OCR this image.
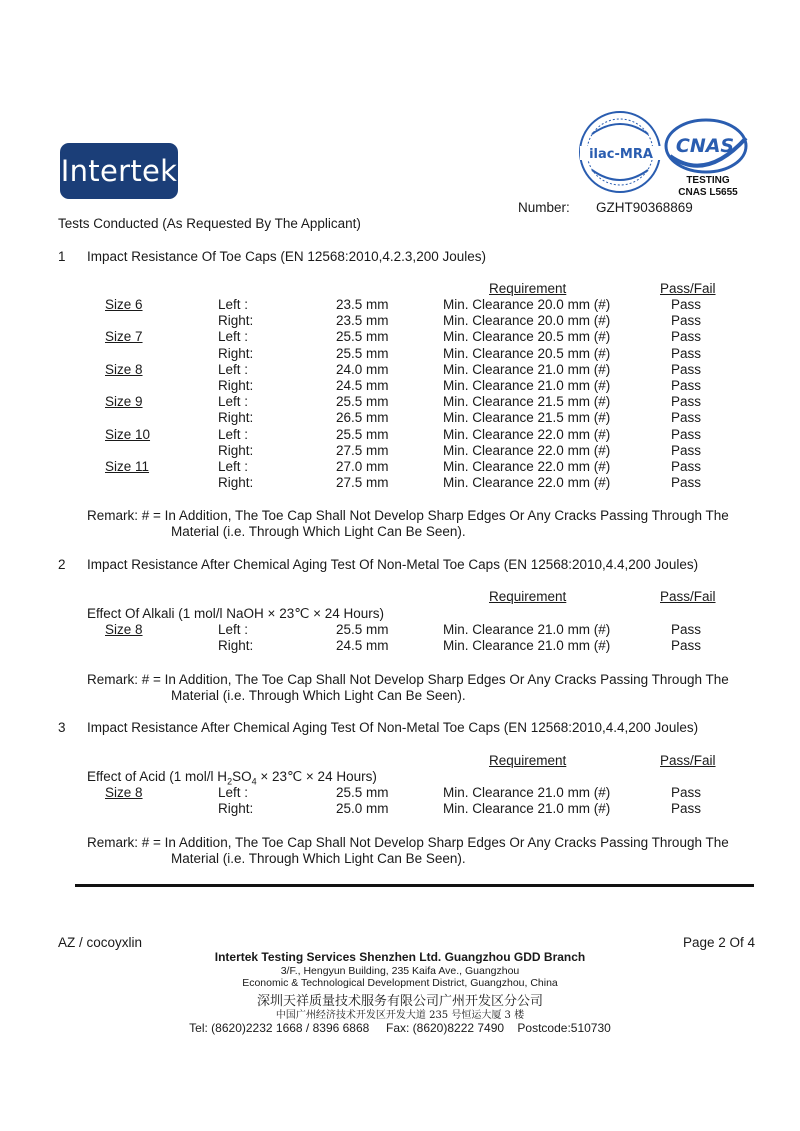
Intertek	ilac-MRA CNAS
TESTING
CNAS L5655
Number: GZHT90368869
Tests Conducted (As Requested By The Applicant)
1 Impact Resistance Of Toe Caps (EN 12568:2010,4.2.3,200 Joules)
Requirement	Pass/Fail
Size 6	Left :	23.5 mm	Min. Clearance 20.0 mm (#)	Pass
Right:	23.5 mm	Min. Clearance 20.0 mm (#)	Pass
Size 7	Left :	25.5 mm	Min. Clearance 20.5 mm (#)	Pass
Right:	25.5 mm	Min. Clearance 20.5 mm (#)	Pass
Size 8	Left :	24.0 mm	Min. Clearance 21.0 mm (#)	Pass
Right:	24.5 mm	Min. Clearance 21.0 mm (#)	Pass
Size 9	Left :	25.5 mm	Min. Clearance 21.5 mm (#)	Pass
Right:	26.5 mm	Min. Clearance 21.5 mm (#)	Pass
Size 10	Left :	25.5 mm	Min. Clearance 22.0 mm (#)	Pass
Right:	27.5 mm	Min. Clearance 22.0 mm (#)	Pass
Size 11	Left :	27.0 mm	Min. Clearance 22.0 mm (#)	Pass
Right:	27.5 mm	Min. Clearance 22.0 mm (#)	Pass
Remark: # = In Addition, The Toe Cap Shall Not Develop Sharp Edges Or Any Cracks Passing Through The
Material (i.e. Through Which Light Can Be Seen).
2 Impact Resistance After Chemical Aging Test Of Non-Metal Toe Caps (EN 12568:2010,4.4,200 Joules)
Requirement	Pass/Fail
Effect Of Alkali (1 mol/l NaOH × 23℃ × 24 Hours)
Size 8	Left :	25.5 mm	Min. Clearance 21.0 mm (#)	Pass
Right:	24.5 mm	Min. Clearance 21.0 mm (#)	Pass
Remark: # = In Addition, The Toe Cap Shall Not Develop Sharp Edges Or Any Cracks Passing Through The
Material (i.e. Through Which Light Can Be Seen).
3 Impact Resistance After Chemical Aging Test Of Non-Metal Toe Caps (EN 12568:2010,4.4,200 Joules)
Requirement	Pass/Fail
Effect of Acid (1 mol/l $H_2SO_4$ × 23℃ × 24 Hours)
Size 8	Left :	25.5 mm	Min. Clearance 21.0 mm (#)	Pass
Right:	25.0 mm	Min. Clearance 21.0 mm (#)	Pass
Remark: # = In Addition, The Toe Cap Shall Not Develop Sharp Edges Or Any Cracks Passing Through The
Material (i.e. Through Which Light Can Be Seen).
AZ / cocoyxlin	Page 2 Of 4
Intertek Testing Services Shenzhen Ltd. Guangzhou GDD Branch
3/F., Hengyun Building, 235 Kaifa Ave., Guangzhou
Economic & Technological Development District, Guangzhou, China
深圳天祥质量技术服务有限公司广州开发区分公司
中国广州经济技术开发区开发大道 235 号恒运大厦 3 楼
Tel: (8620)2232 1668 / 8396 6868     Fax: (8620)8222 7490    Postcode:510730
